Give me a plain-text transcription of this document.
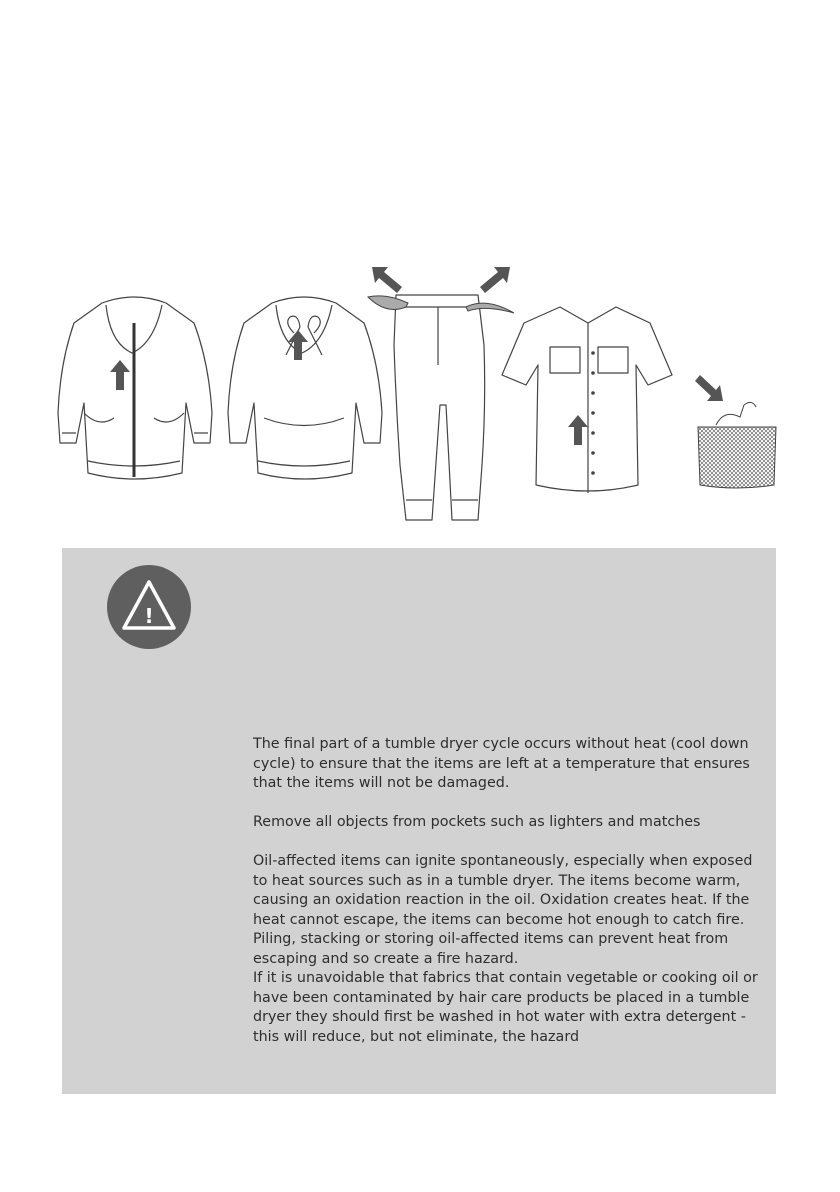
!

The final part of a tumble dryer cycle occurs without heat (cool down cycle) to ensure that the items are left at a temperature that ensures that the items will not be damaged.

Remove all objects from pockets such as lighters and matches

Oil-affected items can ignite spontaneously, especially when exposed to heat sources such as in a tumble dryer. The items become warm, causing an oxidation reaction in the oil. Oxidation creates heat. If the heat cannot escape, the items can become hot enough to catch fire. Piling, stacking or storing oil-affected items can prevent heat from escaping and so create a fire hazard.

If it is unavoidable that fabrics that contain vegetable or cooking oil or have been contaminated by hair care products be placed in a tumble dryer they should first be washed in hot water with extra detergent - this will reduce, but not eliminate, the hazard
